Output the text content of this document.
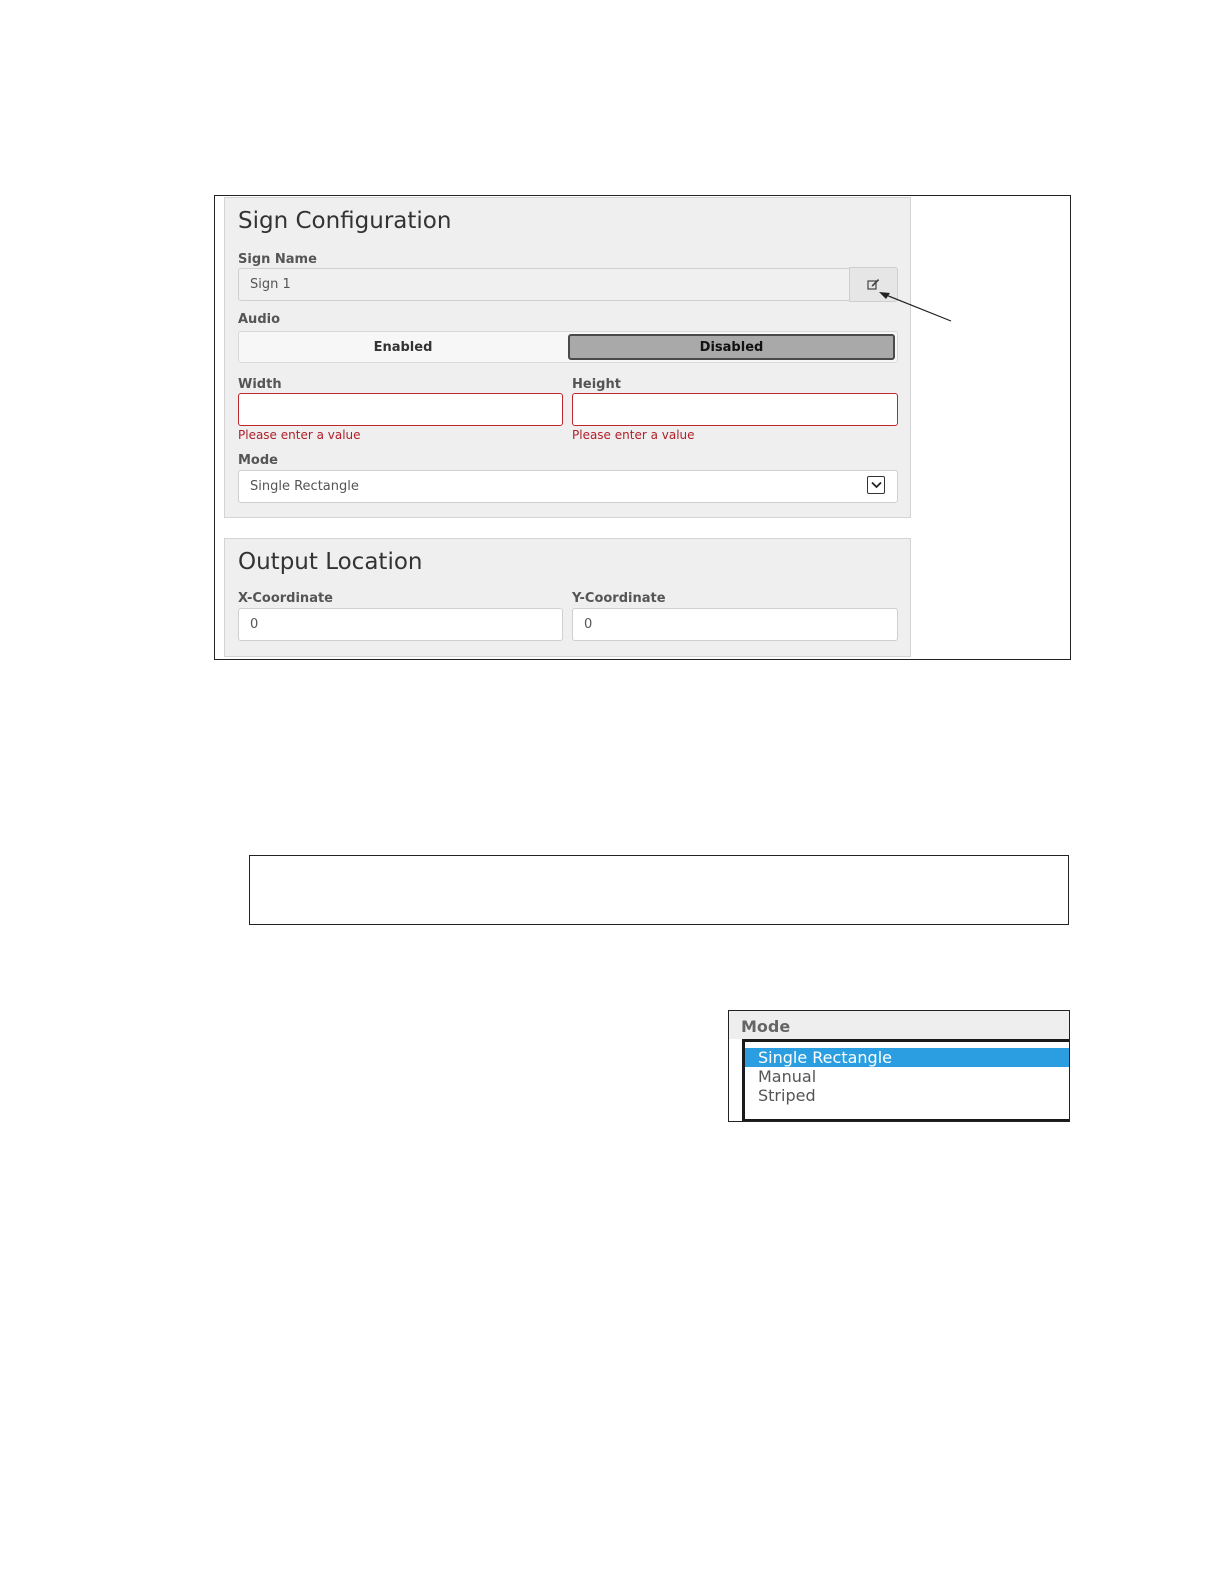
Sign Configuration
Sign Name
Sign 1
Audio
Enabled	Disabled
Width
Please enter a value
Height
Please enter a value
Mode
Single Rectangle
Output Location
X-Coordinate
0
Y-Coordinate
0
Mode
Single Rectangle
Manual
Striped
